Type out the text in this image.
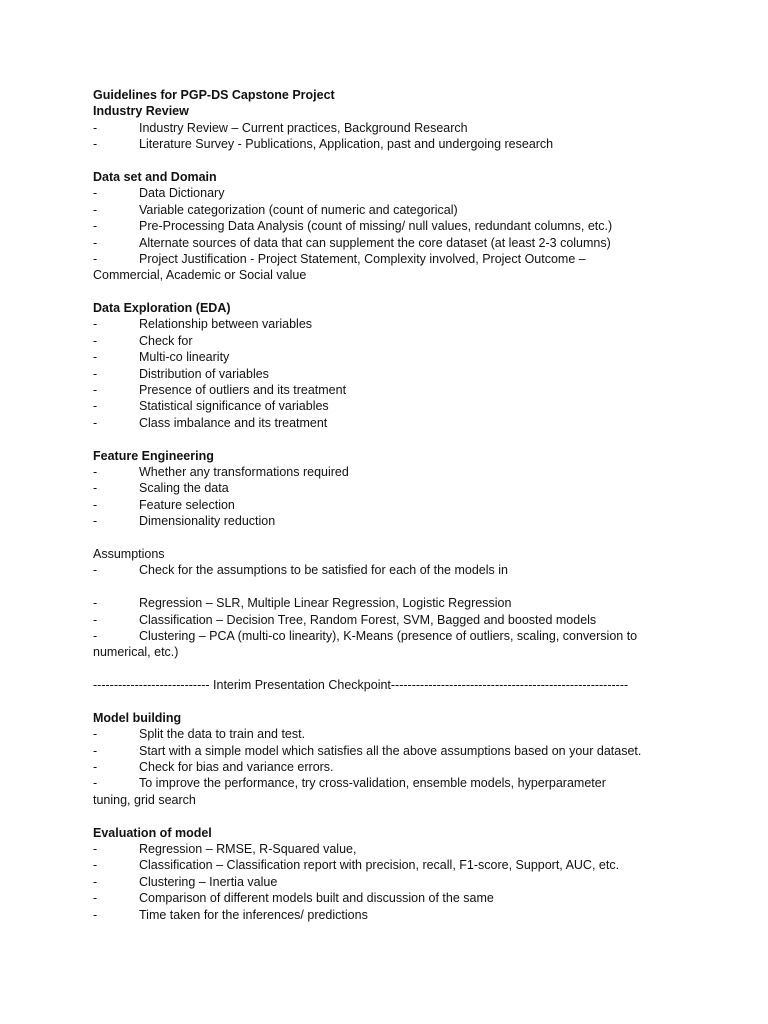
Guidelines for PGP-DS Capstone Project
Industry Review
-	Industry Review – Current practices, Background Research
-	Literature Survey - Publications, Application, past and undergoing research
Data set and Domain
-	Data Dictionary
-	Variable categorization (count of numeric and categorical)
-	Pre-Processing Data Analysis (count of missing/ null values, redundant columns, etc.)
-	Alternate sources of data that can supplement the core dataset (at least 2-3 columns)
-	Project Justification - Project Statement, Complexity involved, Project Outcome –
Commercial, Academic or Social value
Data Exploration (EDA)
-	Relationship between variables
-	Check for
-	Multi-co linearity
-	Distribution of variables
-	Presence of outliers and its treatment
-	Statistical significance of variables
-	Class imbalance and its treatment
Feature Engineering
-	Whether any transformations required
-	Scaling the data
-	Feature selection
-	Dimensionality reduction
Assumptions
-	Check for the assumptions to be satisfied for each of the models in
-	Regression – SLR, Multiple Linear Regression, Logistic Regression
-	Classification – Decision Tree, Random Forest, SVM, Bagged and boosted models
-	Clustering – PCA (multi-co linearity), K-Means (presence of outliers, scaling, conversion to
numerical, etc.)
---------------------------- Interim Presentation Checkpoint---------------------------------------------------------
Model building
-	Split the data to train and test.
-	Start with a simple model which satisfies all the above assumptions based on your dataset.
-	Check for bias and variance errors.
-	To improve the performance, try cross-validation, ensemble models, hyperparameter
tuning, grid search
Evaluation of model
-	Regression – RMSE, R-Squared value,
-	Classification – Classification report with precision, recall, F1-score, Support, AUC, etc.
-	Clustering – Inertia value
-	Comparison of different models built and discussion of the same
-	Time taken for the inferences/ predictions
